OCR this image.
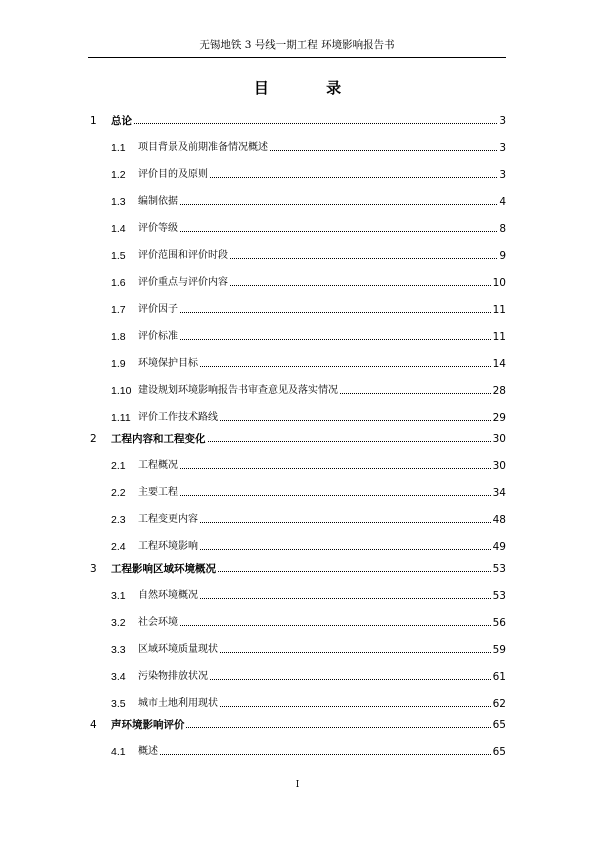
无锡地铁 3 号线一期工程 环境影响报告书
目 录
1 总论	3
1.1 项目背景及前期准备情况概述	3
1.2 评价目的及原则	3
1.3 编制依据	4
1.4 评价等级	8
1.5 评价范围和评价时段	9
1.6 评价重点与评价内容	10
1.7 评价因子	11
1.8 评价标准	11
1.9 环境保护目标	14
1.10 建设规划环境影响报告书审查意见及落实情况	28
1.11 评价工作技术路线	29
2 工程内容和工程变化	30
2.1 工程概况	30
2.2 主要工程	34
2.3 工程变更内容	48
2.4 工程环境影响	49
3 工程影响区域环境概况	53
3.1 自然环境概况	53
3.2 社会环境	56
3.3 区域环境质量现状	59
3.4 污染物排放状况	61
3.5 城市土地利用现状	62
4 声环境影响评价	65
4.1 概述	65
I
